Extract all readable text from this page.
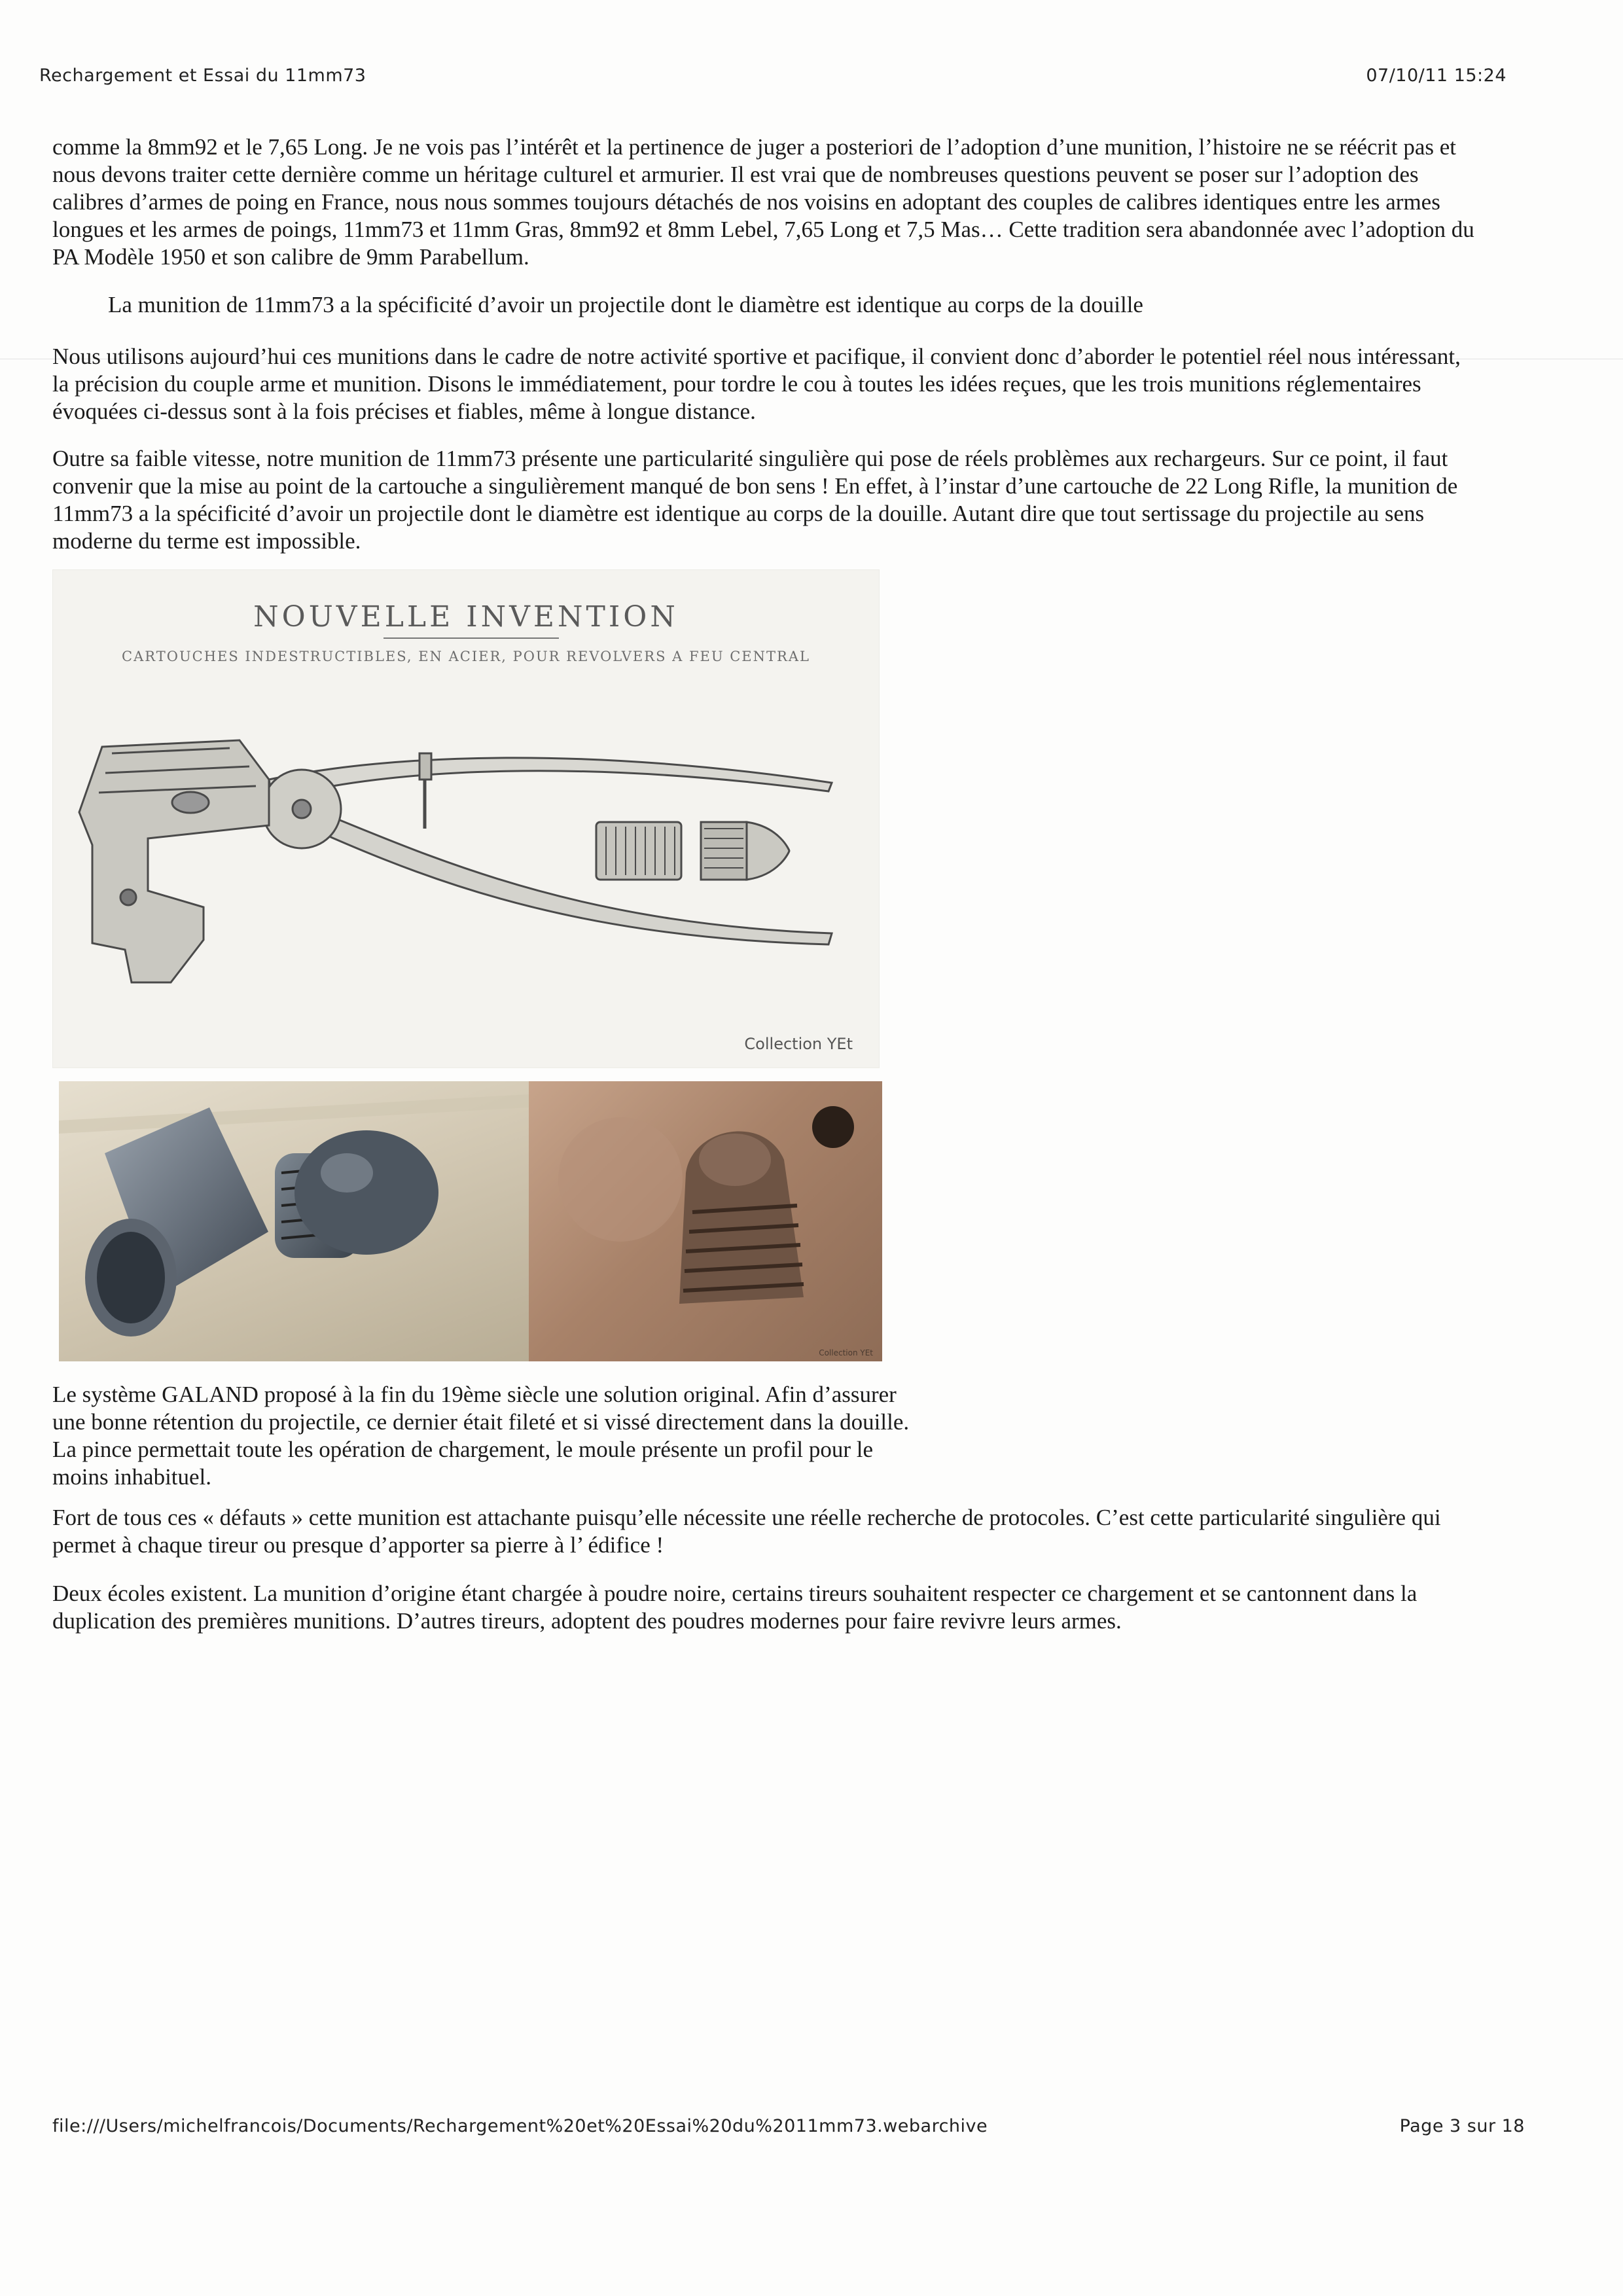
Rechargement et Essai du 11mm73	07/10/11 15:24

comme la 8mm92 et le 7,65 Long. Je ne vois pas l’intérêt et la pertinence de juger a posteriori de l’adoption d’une munition, l’histoire ne se réécrit pas et nous devons traiter cette dernière comme un héritage culturel et armurier. Il est vrai que de nombreuses questions peuvent se poser sur l’adoption des calibres d’armes de poing en France, nous nous sommes toujours détachés de nos voisins en adoptant des couples de calibres identiques entre les armes longues et les armes de poings, 11mm73 et 11mm Gras, 8mm92 et 8mm Lebel, 7,65 Long et 7,5 Mas… Cette tradition sera abandonnée avec l’adoption du PA Modèle 1950 et son calibre de 9mm Parabellum.

La munition de 11mm73 a la spécificité d’avoir un projectile dont le diamètre est identique au corps de la douille

Nous utilisons aujourd’hui ces munitions dans le cadre de notre activité sportive et pacifique, il convient donc d’aborder le potentiel réel nous intéressant, la précision du couple arme et munition. Disons le immédiatement, pour tordre le cou à toutes les idées reçues, que les trois munitions réglementaires évoquées ci-dessus sont à la fois précises et fiables, même à longue distance.

Outre sa faible vitesse, notre munition de 11mm73 présente une particularité singulière qui pose de réels problèmes aux rechargeurs. Sur ce point, il faut convenir que la mise au point de la cartouche a singulièrement manqué de bon sens ! En effet, à l’instar d’une cartouche de 22 Long Rifle, la munition de 11mm73 a la spécificité d’avoir un projectile dont le diamètre est identique au corps de la douille. Autant dire que tout sertissage du projectile au sens moderne du terme est impossible.

NOUVELLE INVENTION
CARTOUCHES INDESTRUCTIBLES, EN ACIER, POUR REVOLVERS A FEU CENTRAL
Collection YEt
Collection YEt

Le système GALAND proposé à la fin du 19ème siècle une solution original. Afin d’assurer une bonne rétention du projectile, ce dernier était fileté et si vissé directement dans la douille. La pince permettait toute les opération de chargement, le moule présente un profil pour le moins inhabituel.

Fort de tous ces « défauts » cette munition est attachante puisqu’elle nécessite une réelle recherche de protocoles. C’est cette particularité singulière qui permet à chaque tireur ou presque d’apporter sa pierre à l’ édifice !

Deux écoles existent. La munition d’origine étant chargée à poudre noire, certains tireurs souhaitent respecter ce chargement et se cantonnent dans la duplication des premières munitions. D’autres tireurs, adoptent des poudres modernes pour faire revivre leurs armes.

file:///Users/michelfrancois/Documents/Rechargement%20et%20Essai%20du%2011mm73.webarchive	Page 3 sur 18
